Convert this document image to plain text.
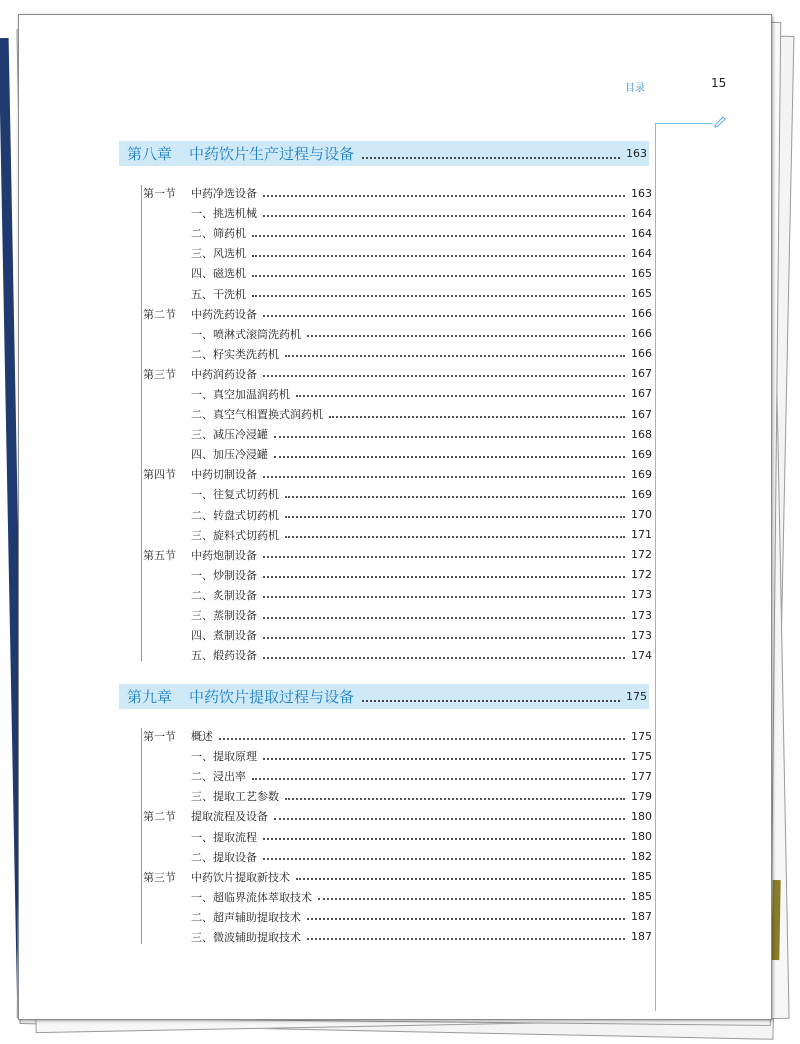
目录	15
第八章	中药饮片生产过程与设备	163
第一节	中药净选设备	163
一、挑选机械	164
二、筛药机	164
三、风选机	164
四、磁选机	165
五、干洗机	165
第二节	中药洗药设备	166
一、喷淋式滚筒洗药机	166
二、籽实类洗药机	166
第三节	中药润药设备	167
一、真空加温润药机	167
二、真空气相置换式润药机	167
三、减压冷浸罐	168
四、加压冷浸罐	169
第四节	中药切制设备	169
一、往复式切药机	169
二、转盘式切药机	170
三、旋料式切药机	171
第五节	中药炮制设备	172
一、炒制设备	172
二、炙制设备	173
三、蒸制设备	173
四、煮制设备	173
五、煅药设备	174
第九章	中药饮片提取过程与设备	175
第一节	概述	175
一、提取原理	175
二、浸出率	177
三、提取工艺参数	179
第二节	提取流程及设备	180
一、提取流程	180
二、提取设备	182
第三节	中药饮片提取新技术	185
一、超临界流体萃取技术	185
二、超声辅助提取技术	187
三、微波辅助提取技术	187
